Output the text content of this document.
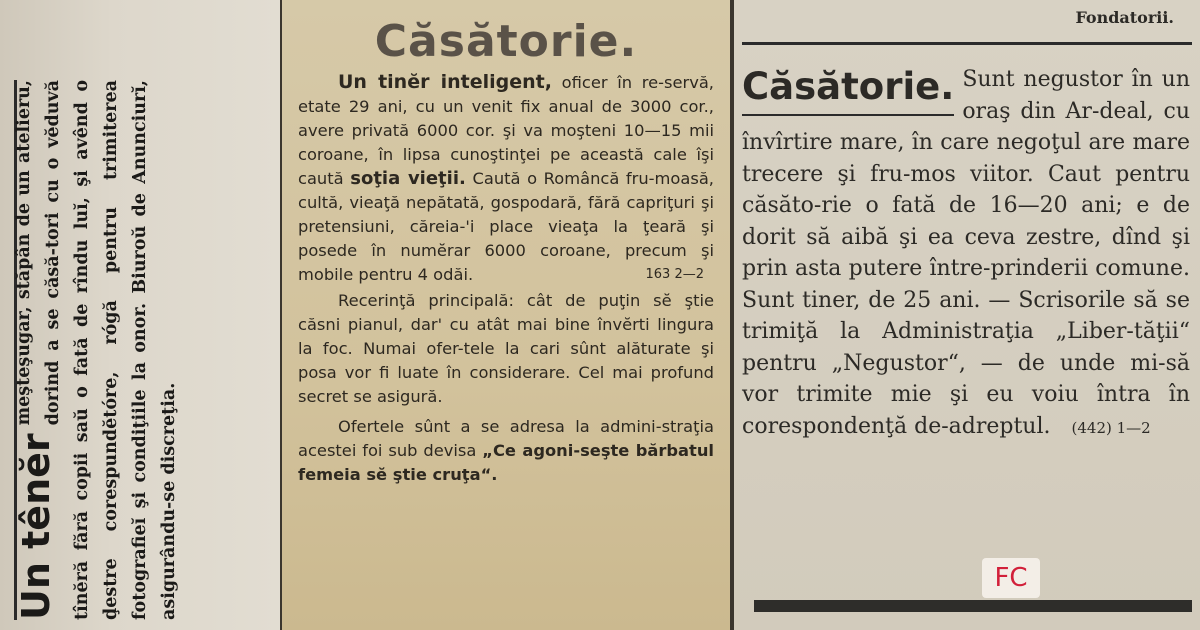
Un tênĕr
meşteşugar, stăpân de un atelieru, dorind a se căsă-tori cu o vĕduvă tînĕră fără copii saŭ o fată de rîndu luĭ, şi avênd o ḑestre corespundĕtóre, rógă pentru trimiterea fotografieĭ şi condiţiile la onor. Biuroŭ de Anunciurĭ, asigurându-se discreţia.
Căsătorie.

Un tinĕr inteligent, oficer în re-servă, etate 29 ani, cu un venit fix anual de 3000 cor., avere privată 6000 cor. şi va moşteni 10—15 mii coroane, în lipsa cunoştinţei pe această cale îşi caută soţia vieţii. Caută o Româncă fru-moasă, cultă, vieaţă nepătată, gospodară, fără capriţuri şi pretensiuni, căreia-'i place vieaţa la ţeară şi posede în numĕrar 6000 coroane, precum şi mobile pentru 4 odăi.	163 2—2

Recerinţă principală: cât de puţin sĕ ştie căsni pianul, dar' cu atât mai bine învĕrti lingura la foc. Numai ofer-tele la cari sûnt alăturate şi posa vor fi luate în considerare. Cel mai profund secret se asigură.

Ofertele sûnt a se adresa la admini-straţia acestei foi sub devisa „Ce agoni-seşte bărbatul femeia sĕ ştie cruţa“.

Fondatorii.
Căsătorie. Sunt negustor în un oraş din Ar-deal, cu învîrtire mare, în care negoţul are mare trecere şi fru-mos viitor. Caut pentru căsăto-rie o fată de 16—20 ani; e de dorit să aibă şi ea ceva zestre, dînd şi prin asta putere între-prinderii comune. Sunt tiner, de 25 ani. — Scrisorile să se trimiţă la Administraţia „Liber-tăţii“ pentru „Negustor“, — de unde mi-să vor trimite mie şi eu voiu întra în corespondenţă de-adreptul. (442) 1—2
FC
